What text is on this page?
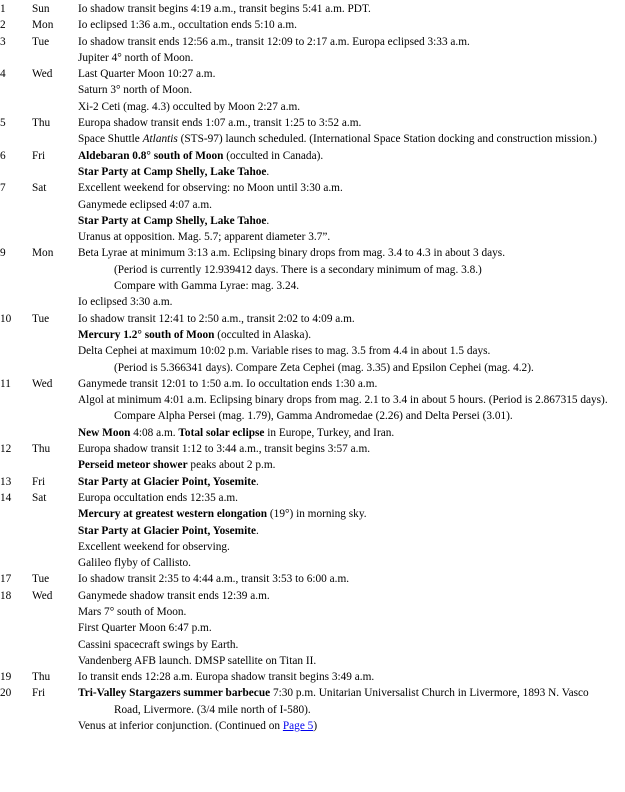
1 Sun	Io shadow transit begins 4:19 a.m., transit begins 5:41 a.m. PDT.
2 Mon Io eclipsed 1:36 a.m., occultation ends 5:10 a.m.
3 Tue	Io shadow transit ends 12:56 a.m., transit 12:09 to 2:17 a.m. Europa eclipsed 3:33 a.m.
Jupiter 4° north of Moon.
4 Wed Last Quarter Moon 10:27 a.m.
Saturn 3° north of Moon.
Xi-2 Ceti (mag. 4.3) occulted by Moon 2:27 a.m.
5 Thu Europa shadow transit ends 1:07 a.m., transit 1:25 to 3:52 a.m.
Space Shuttle Atlantis (STS-97) launch scheduled. (International Space Station docking and construction mission.)
6 Fri	Aldebaran 0.8° south of Moon (occulted in Canada).
Star Party at Camp Shelly, Lake Tahoe.
7 Sat	Excellent weekend for observing: no Moon until 3:30 a.m.
Ganymede eclipsed 4:07 a.m.
Star Party at Camp Shelly, Lake Tahoe.
Uranus at opposition. Mag. 5.7; apparent diameter 3.7”.
9 Mon Beta Lyrae at minimum 3:13 a.m. Eclipsing binary drops from mag. 3.4 to 4.3 in about 3 days.
(Period is currently 12.939412 days. There is a secondary minimum of mag. 3.8.)
Compare with Gamma Lyrae: mag. 3.24.
Io eclipsed 3:30 a.m.
10 Tue	Io shadow transit 12:41 to 2:50 a.m., transit 2:02 to 4:09 a.m.
Mercury 1.2° south of Moon (occulted in Alaska).
Delta Cephei at maximum 10:02 p.m. Variable rises to mag. 3.5 from 4.4 in about 1.5 days.
(Period is 5.366341 days). Compare Zeta Cephei (mag. 3.35) and Epsilon Cephei (mag. 4.2).
11 Wed Ganymede transit 12:01 to 1:50 a.m. Io occultation ends 1:30 a.m.
Algol at minimum 4:01 a.m. Eclipsing binary drops from mag. 2.1 to 3.4 in about 5 hours. (Period is 2.867315 days). Compare Alpha Persei (mag. 1.79), Gamma Andromedae (2.26) and Delta Persei (3.01).
New Moon 4:08 a.m. Total solar eclipse in Europe, Turkey, and Iran.
12 Thu Europa shadow transit 1:12 to 3:44 a.m., transit begins 3:57 a.m.
Perseid meteor shower peaks about 2 p.m.
13 Fri	Star Party at Glacier Point, Yosemite.
14 Sat	Europa occultation ends 12:35 a.m.
Mercury at greatest western elongation (19°) in morning sky.
Star Party at Glacier Point, Yosemite.
Excellent weekend for observing.
Galileo flyby of Callisto.
17 Tue	Io shadow transit 2:35 to 4:44 a.m., transit 3:53 to 6:00 a.m.
18 Wed Ganymede shadow transit ends 12:39 a.m.
Mars 7° south of Moon.
First Quarter Moon 6:47 p.m.
Cassini spacecraft swings by Earth.
Vandenberg AFB launch. DMSP satellite on Titan II.
19 Thu Io transit ends 12:28 a.m. Europa shadow transit begins 3:49 a.m.
20 Fri	Tri-Valley Stargazers summer barbecue 7:30 p.m. Unitarian Universalist Church in Livermore, 1893 N. Vasco Road, Livermore. (3/4 mile north of I-580).
Venus at inferior conjunction. (Continued on Page 5)
